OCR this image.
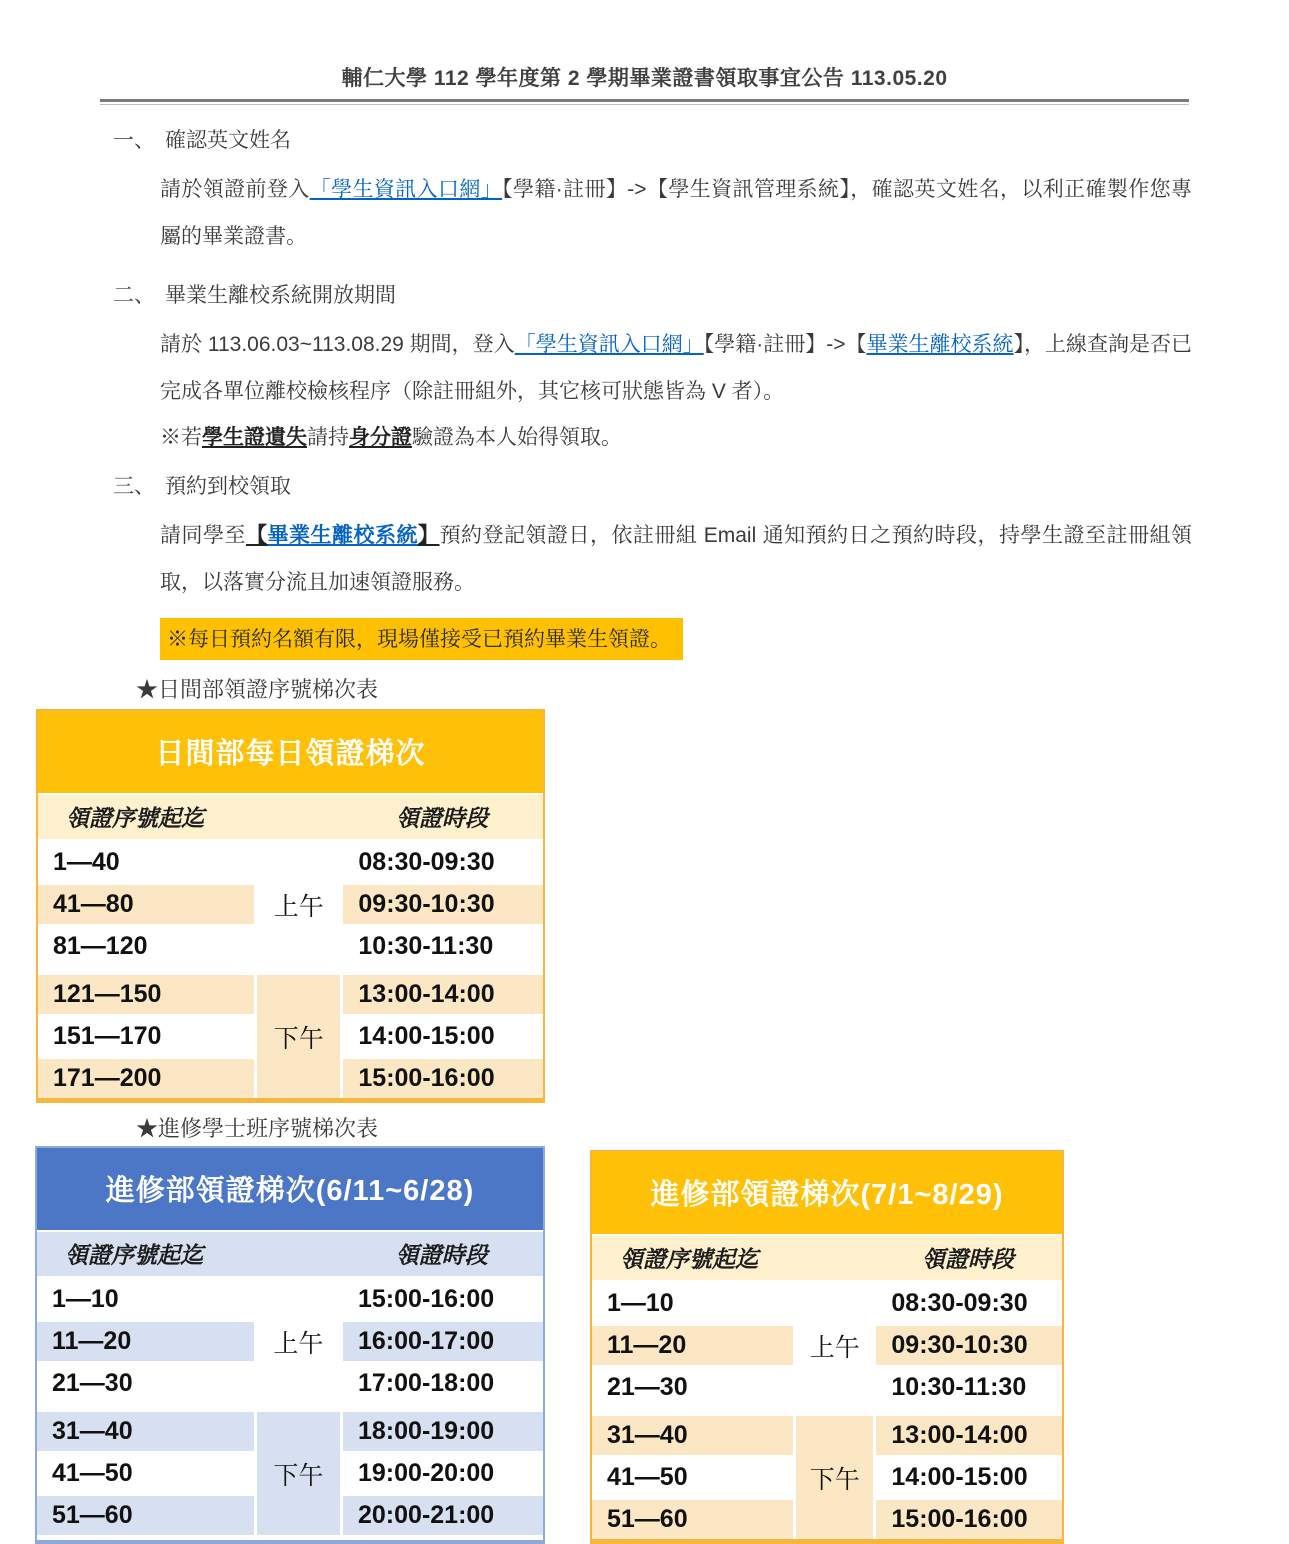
輔仁大學 112 學年度第 2 學期畢業證書領取事宜公告 113.05.20
一、 確認英文姓名
請於領證前登入「學生資訊入口網」【學籍·註冊】->【學生資訊管理系統】，確認英文姓名，以利正確製作您專屬的畢業證書。
二、 畢業生離校系統開放期間
請於 113.06.03~113.08.29 期間，登入「學生資訊入口網」【學籍·註冊】->【畢業生離校系統】，上線查詢是否已完成各單位離校檢核程序（除註冊組外，其它核可狀態皆為 V 者）。
※若學生證遺失請持身分證驗證為本人始得領取。
三、 預約到校領取
請同學至【畢業生離校系統】預約登記領證日，依註冊組 Email 通知預約日之預約時段，持學生證至註冊組領取，以落實分流且加速領證服務。
※每日預約名額有限，現場僅接受已預約畢業生領證。
★日間部領證序號梯次表
日間部每日領證梯次
領證序號起迄	領證時段
上午
1—40	08:30-09:30
41—80	09:30-10:30
81—120	10:30-11:30
下午
121—150	13:00-14:00
151—170	14:00-15:00
171—200	15:00-16:00
★進修學士班序號梯次表
進修部領證梯次(6/11~6/28)
領證序號起迄	領證時段
上午
1—10	15:00-16:00
11—20	16:00-17:00
21—30	17:00-18:00
下午
31—40	18:00-19:00
41—50	19:00-20:00
51—60	20:00-21:00
進修部領證梯次(7/1~8/29)
領證序號起迄	領證時段
上午
1—10	08:30-09:30
11—20	09:30-10:30
21—30	10:30-11:30
下午
31—40	13:00-14:00
41—50	14:00-15:00
51—60	15:00-16:00
